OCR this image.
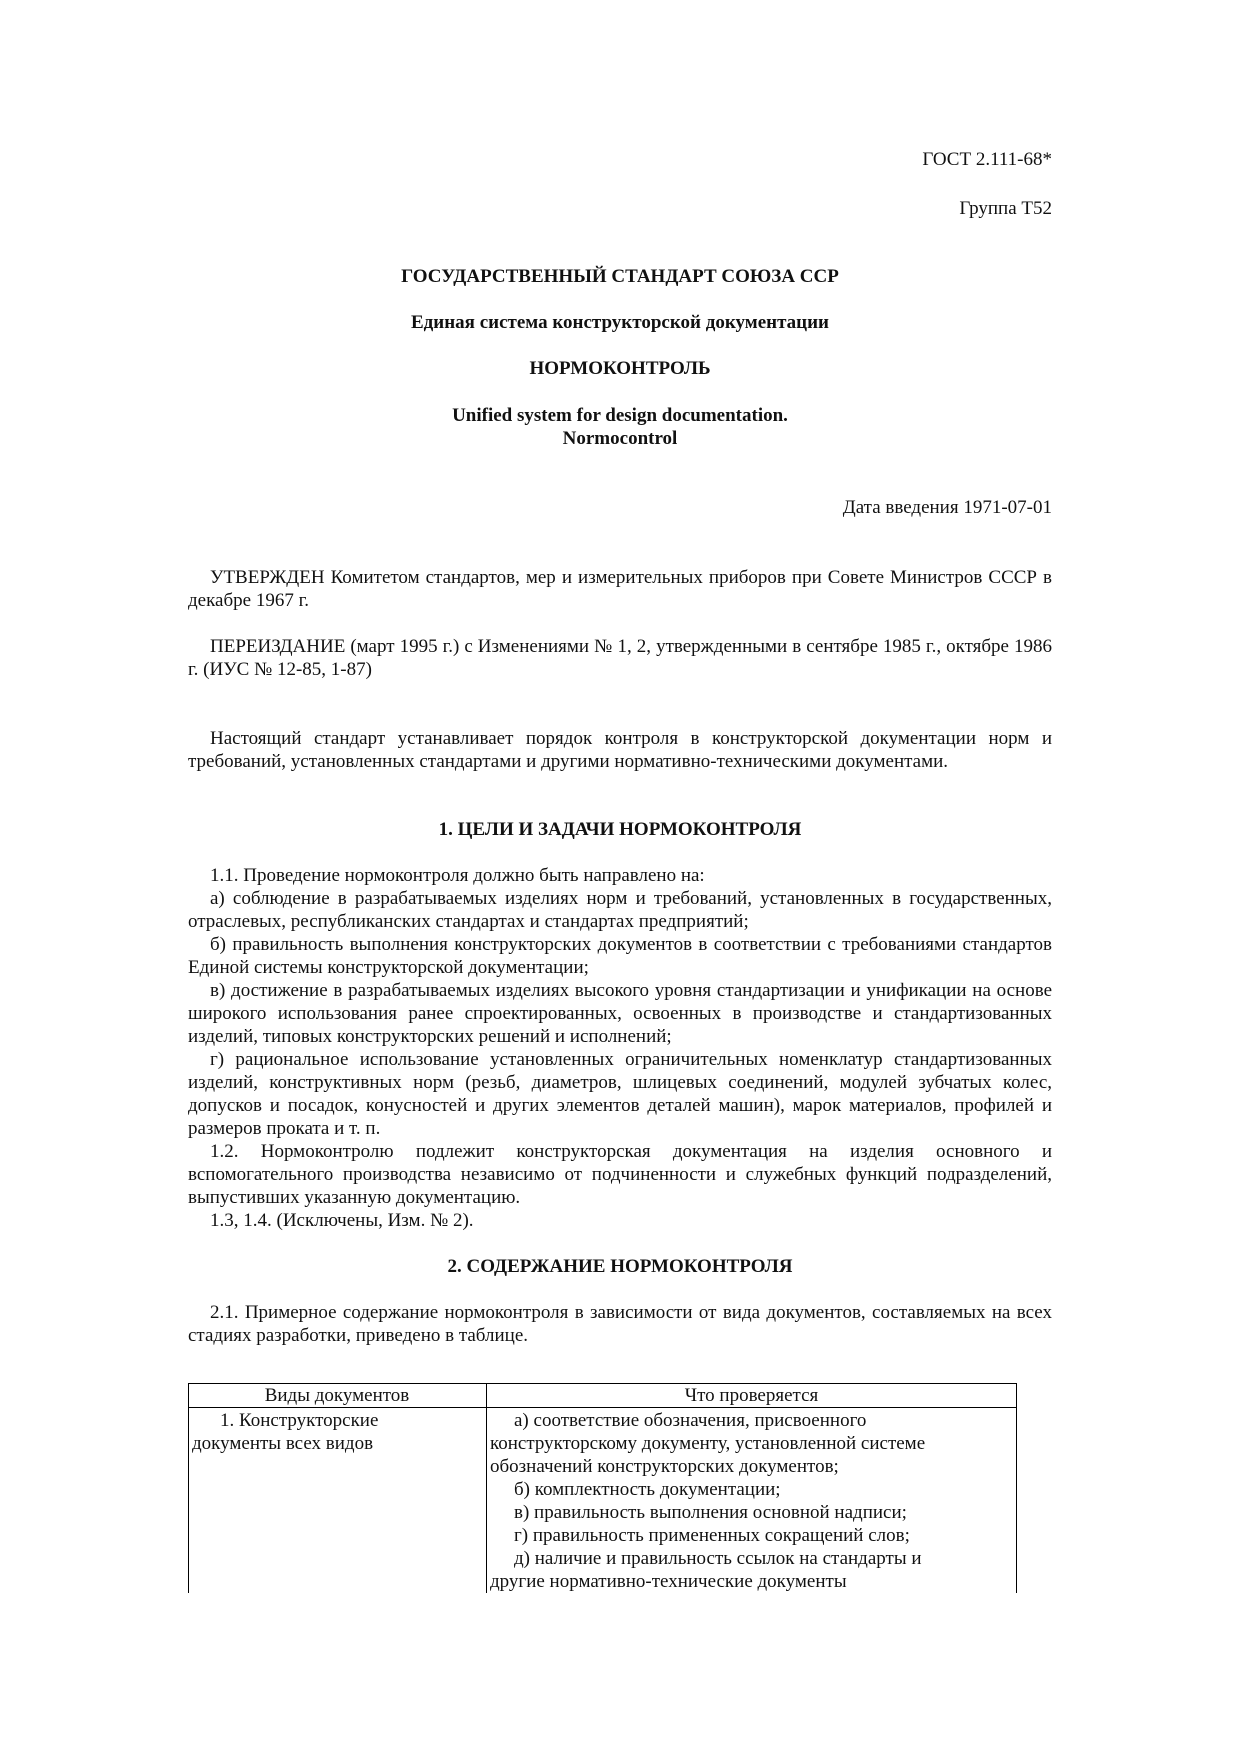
ГОСТ 2.111-68*
Группа Т52
ГОСУДАРСТВЕННЫЙ СТАНДАРТ СОЮЗА ССР
Единая система конструкторской документации
НОРМОКОНТРОЛЬ
Unified system for design documentation.
Normocontrol
Дата введения 1971-07-01
УТВЕРЖДЕН Комитетом стандартов, мер и измерительных приборов при Совете Министров СССР в декабре 1967 г.
ПЕРЕИЗДАНИЕ (март 1995 г.) с Изменениями № 1, 2, утвержденными в сентябре 1985 г., октябре 1986 г. (ИУС № 12-85, 1-87)
Настоящий стандарт устанавливает порядок контроля в конструкторской документации норм и требований, установленных стандартами и другими нормативно-техническими документами.
1. ЦЕЛИ И ЗАДАЧИ НОРМОКОНТРОЛЯ

1.1. Проведение нормоконтроля должно быть направлено на:

а) соблюдение в разрабатываемых изделиях норм и требований, установленных в государственных, отраслевых, республиканских стандартах и стандартах предприятий;

б) правильность выполнения конструкторских документов в соответствии с требованиями стандартов Единой системы конструкторской документации;

в) достижение в разрабатываемых изделиях высокого уровня стандартизации и унификации на основе широкого использования ранее спроектированных, освоенных в производстве и стандартизованных изделий, типовых конструкторских решений и исполнений;

г) рациональное использование установленных ограничительных номенклатур стандартизованных изделий, конструктивных норм (резьб, диаметров, шлицевых соединений, модулей зубчатых колес, допусков и посадок, конусностей и других элементов деталей машин), марок материалов, профилей и размеров проката и т. п.

1.2. Нормоконтролю подлежит конструкторская документация на изделия основного и вспомогательного производства независимо от подчиненности и служебных функций подразделений, выпустивших указанную документацию.

1.3, 1.4. (Исключены, Изм. № 2).

2. СОДЕРЖАНИЕ НОРМОКОНТРОЛЯ
2.1. Примерное содержание нормоконтроля в зависимости от вида документов, составляемых на всех стадиях разработки, приведено в таблице.
Виды документов	Что проверяется
1. Конструкторские
документы всех видов
а) соответствие обозначения, присвоенного
конструкторскому документу, установленной системе
обозначений конструкторских документов;
б) комплектность документации;
в) правильность выполнения основной надписи;
г) правильность примененных сокращений слов;
д) наличие и правильность ссылок на стандарты и
другие нормативно-технические документы
